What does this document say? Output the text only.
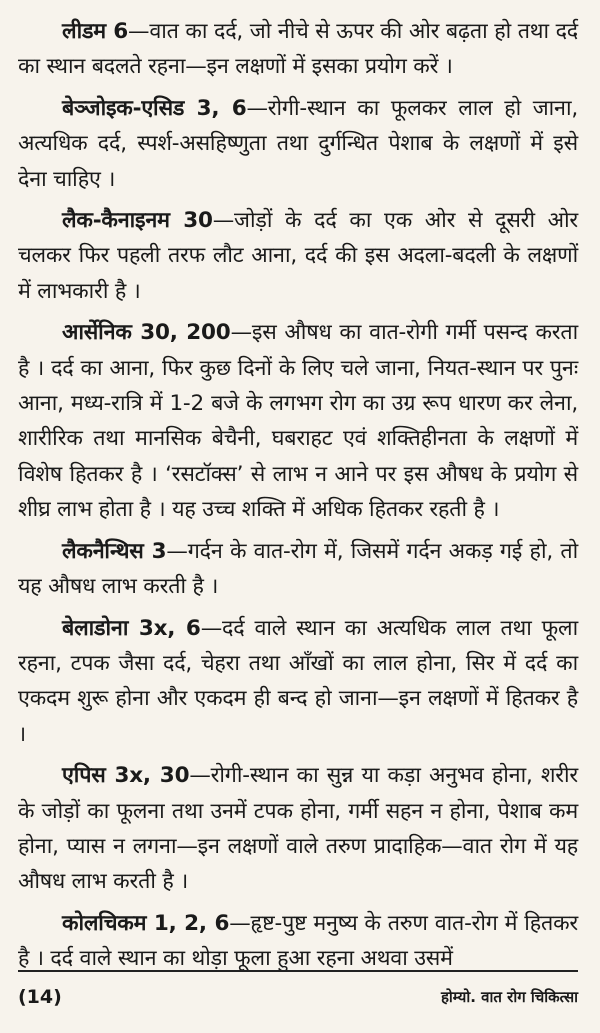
लीडम 6—वात का दर्द, जो नीचे से ऊपर की ओर बढ़ता हो तथा दर्द का स्थान बदलते रहना—इन लक्षणों में इसका प्रयोग करें ।

बेञ्जोइक-एसिड 3, 6—रोगी-स्थान का फूलकर लाल हो जाना, अत्यधिक दर्द, स्पर्श-असहिष्णुता तथा दुर्गन्धित पेशाब के लक्षणों में इसे देना चाहिए ।

लैक-कैनाइनम 30—जोड़ों के दर्द का एक ओर से दूसरी ओर चलकर फिर पहली तरफ लौट आना, दर्द की इस अदला-बदली के लक्षणों में लाभकारी है ।

आर्सेनिक 30, 200—इस औषध का वात-रोगी गर्मी पसन्द करता है । दर्द का आना, फिर कुछ दिनों के लिए चले जाना, नियत-स्थान पर पुनः आना, मध्य-रात्रि में 1-2 बजे के लगभग रोग का उग्र रूप धारण कर लेना, शारीरिक तथा मानसिक बेचैनी, घबराहट एवं शक्तिहीनता के लक्षणों में विशेष हितकर है । ‘रसटॉक्स’ से लाभ न आने पर इस औषध के प्रयोग से शीघ्र लाभ होता है । यह उच्च शक्ति में अधिक हितकर रहती है ।

लैकनैन्थिस 3—गर्दन के वात-रोग में, जिसमें गर्दन अकड़ गई हो, तो यह औषध लाभ करती है ।

बेलाडोना 3x, 6—दर्द वाले स्थान का अत्यधिक लाल तथा फूला रहना, टपक जैसा दर्द, चेहरा तथा आँखों का लाल होना, सिर में दर्द का एकदम शुरू होना और एकदम ही बन्द हो जाना—इन लक्षणों में हितकर है ।

एपिस 3x, 30—रोगी-स्थान का सुन्न या कड़ा अनुभव होना, शरीर के जोड़ों का फूलना तथा उनमें टपक होना, गर्मी सहन न होना, पेशाब कम होना, प्यास न लगना—इन लक्षणों वाले तरुण प्रादाहिक—वात रोग में यह औषध लाभ करती है ।

कोलचिकम 1, 2, 6—हृष्ट-पुष्ट मनुष्य के तरुण वात-रोग में हितकर है । दर्द वाले स्थान का थोड़ा फूला हुआ रहना अथवा उसमें

(14)	होम्यो. वात रोग चिकित्सा
